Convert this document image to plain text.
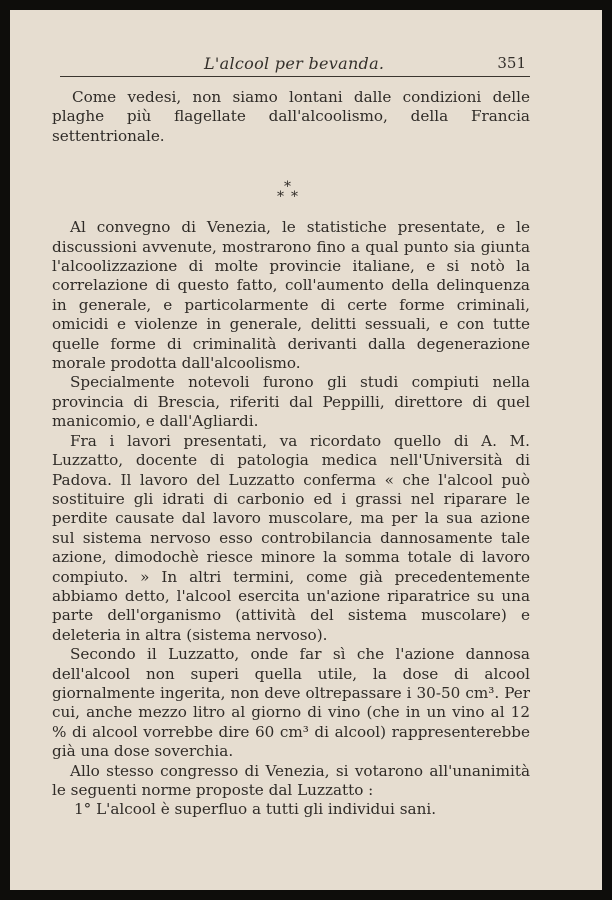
L'alcool per bevanda.	351

Come vedesi, non siamo lontani dalle condizioni delle plaghe più flagellate dall'alcoolismo, della Francia settentrionale.

*
* *

Al convegno di Venezia, le statistiche presentate, e le discussioni avvenute, mostrarono fino a qual punto sia giunta l'alcoolizzazione di molte provincie italiane, e si notò la correlazione di questo fatto, coll'aumento della delinquenza in generale, e particolarmente di certe forme criminali, omicidi e violenze in generale, delitti sessuali, e con tutte quelle forme di criminalità derivanti dalla degenerazione morale prodotta dall'alcoolismo.

Specialmente notevoli furono gli studi compiuti nella provincia di Brescia, riferiti dal Peppilli, direttore di quel manicomio, e dall'Agliardi.

Fra i lavori presentati, va ricordato quello di A. M. Luzzatto, docente di patologia medica nell'Università di Padova. Il lavoro del Luzzatto conferma « che l'alcool può sostituire gli idrati di carbonio ed i grassi nel riparare le perdite causate dal lavoro muscolare, ma per la sua azione sul sistema nervoso esso controbilancia dannosamente tale azione, dimodochè riesce minore la somma totale di lavoro compiuto. » In altri termini, come già precedentemente abbiamo detto, l'alcool esercita un'azione riparatrice su una parte dell'organismo (attività del sistema muscolare) e deleteria in altra (sistema nervoso).

Secondo il Luzzatto, onde far sì che l'azione dannosa dell'alcool non superi quella utile, la dose di alcool giornalmente ingerita, non deve oltrepassare i 30-50 cm³. Per cui, anche mezzo litro al giorno di vino (che in un vino al 12 % di alcool vorrebbe dire 60 cm³ di alcool) rappresenterebbe già una dose soverchia.

Allo stesso congresso di Venezia, si votarono all'unanimità le seguenti norme proposte dal Luzzatto :

1° L'alcool è superfluo a tutti gli individui sani.
